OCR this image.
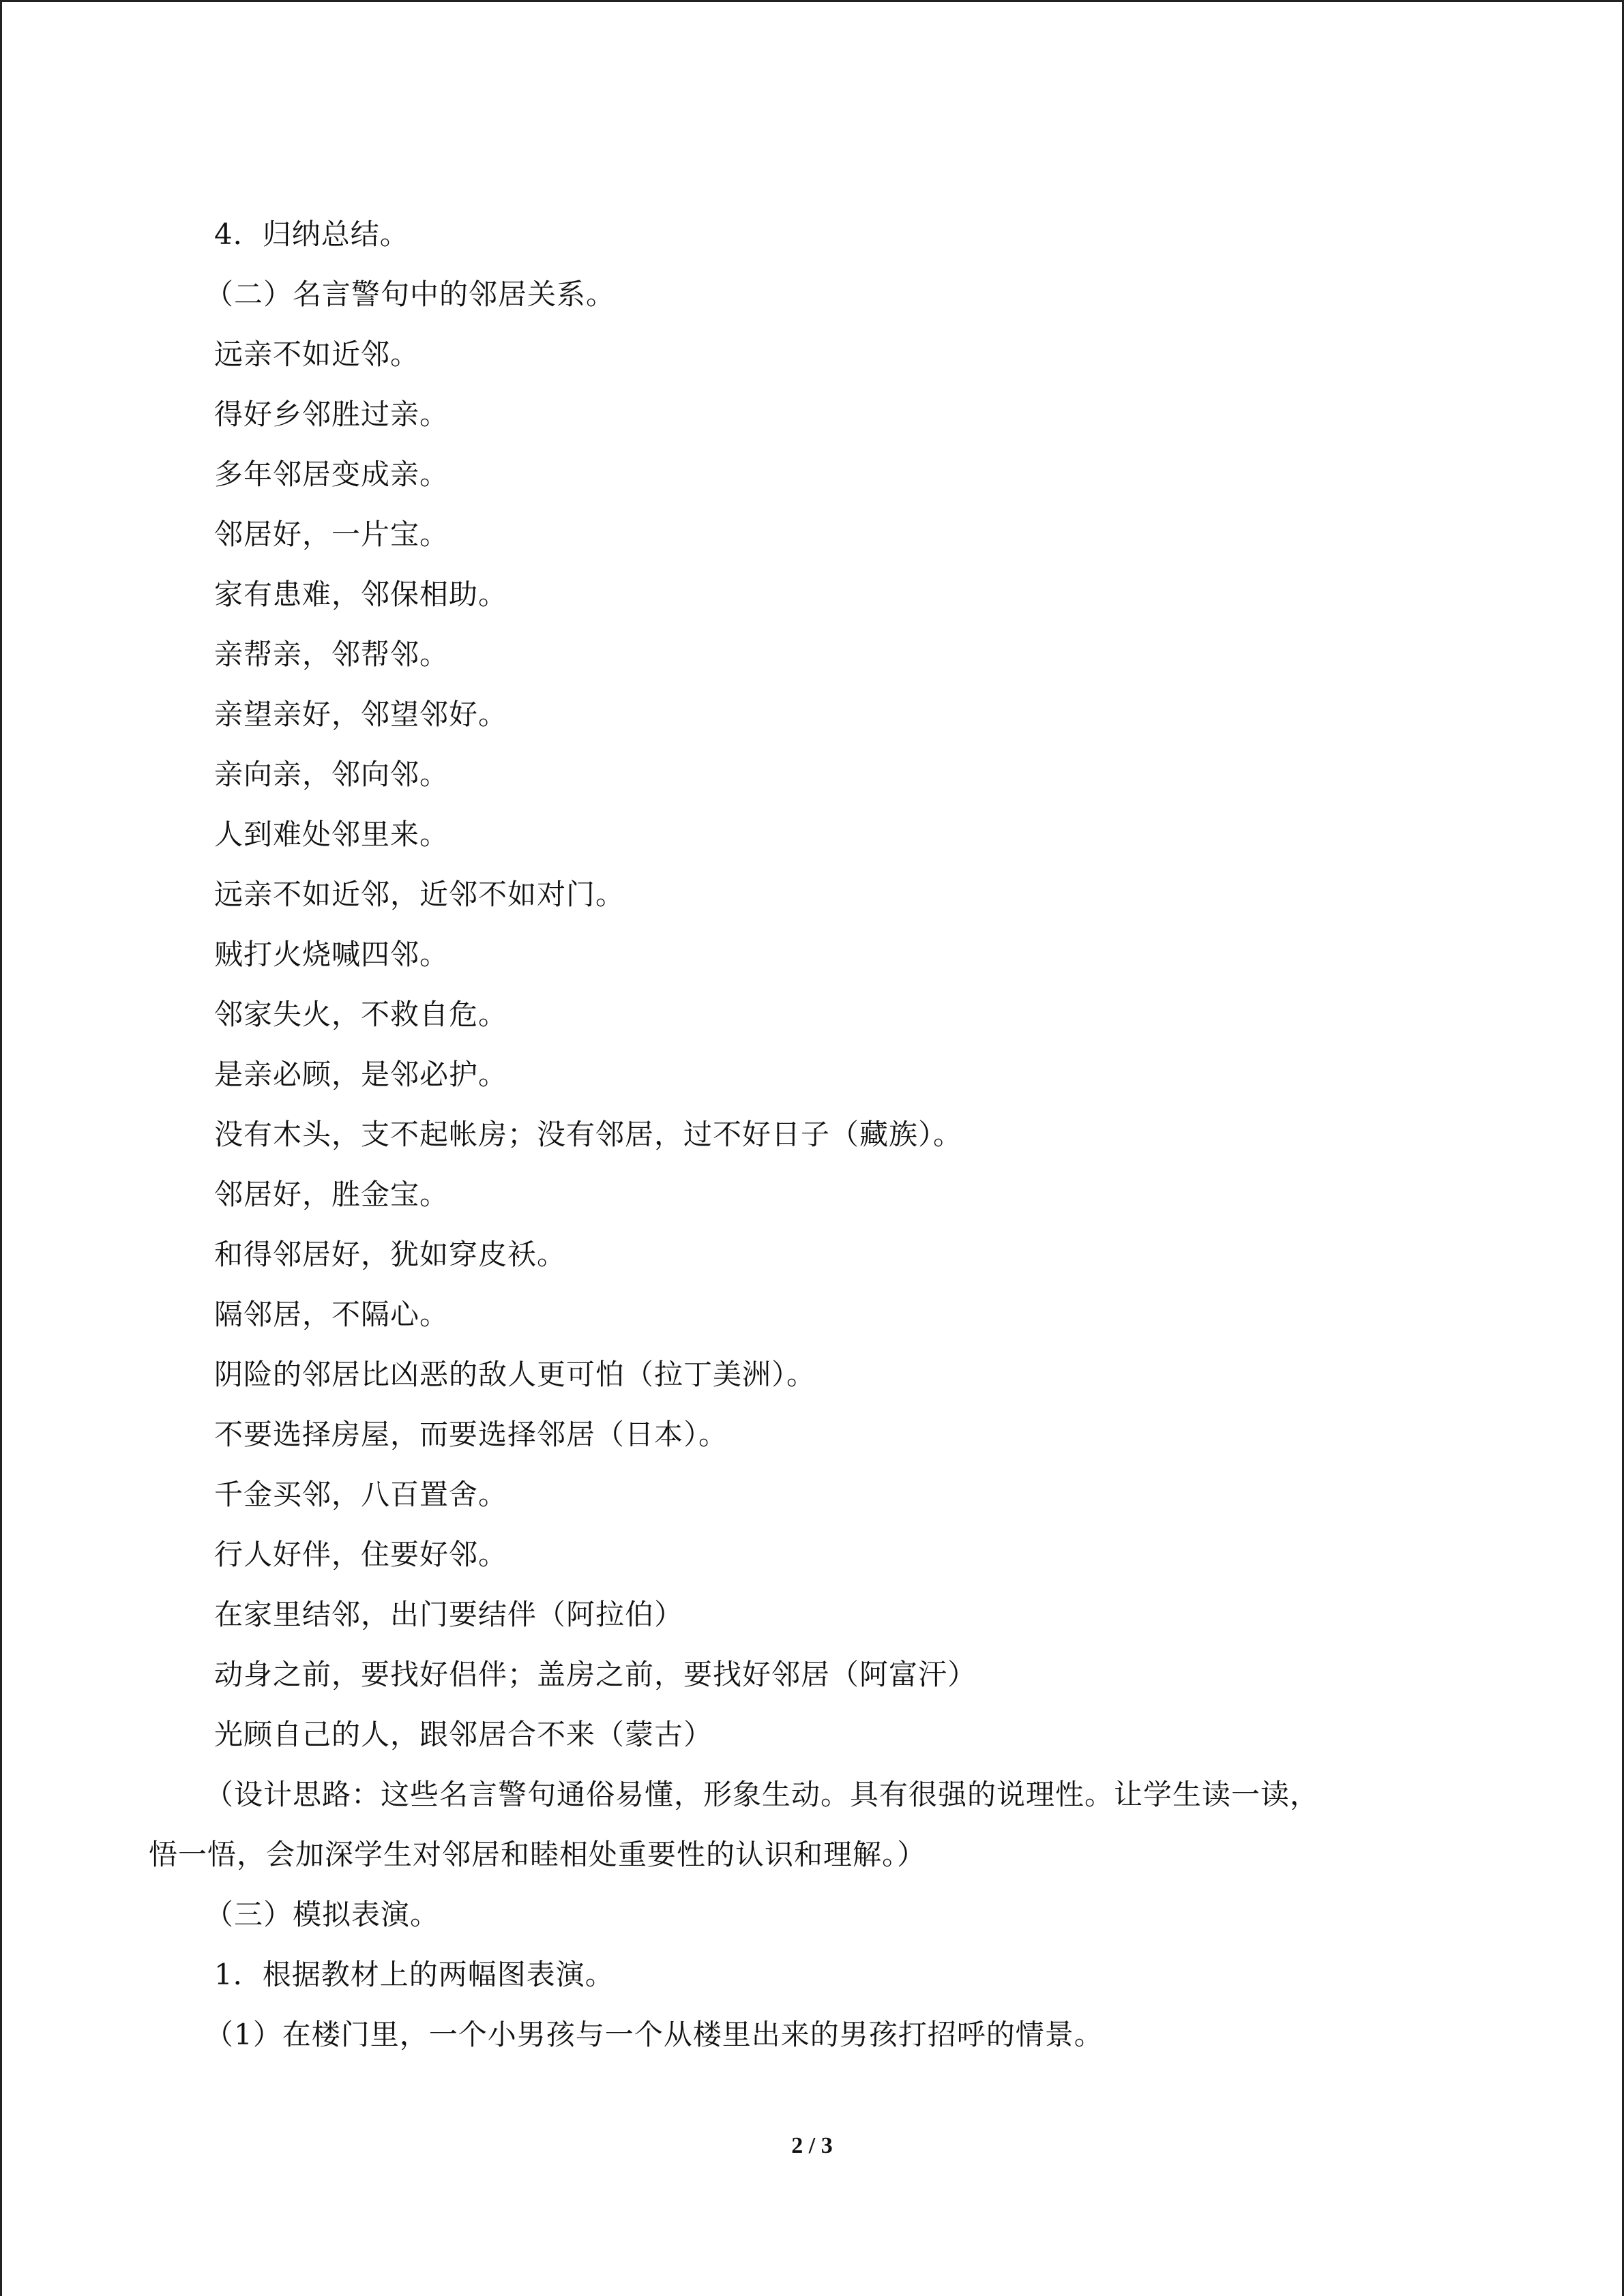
4．归纳总结。
（二）名言警句中的邻居关系。
远亲不如近邻。
得好乡邻胜过亲。
多年邻居变成亲。
邻居好，一片宝。
家有患难，邻保相助。
亲帮亲，邻帮邻。
亲望亲好，邻望邻好。
亲向亲，邻向邻。
人到难处邻里来。
远亲不如近邻，近邻不如对门。
贼打火烧喊四邻。
邻家失火，不救自危。
是亲必顾，是邻必护。
没有木头，支不起帐房；没有邻居，过不好日子（藏族）。
邻居好，胜金宝。
和得邻居好，犹如穿皮袄。
隔邻居，不隔心。
阴险的邻居比凶恶的敌人更可怕（拉丁美洲）。
不要选择房屋，而要选择邻居（日本）。
千金买邻，八百置舍。
行人好伴，住要好邻。
在家里结邻，出门要结伴（阿拉伯）
动身之前，要找好侣伴；盖房之前，要找好邻居（阿富汗）
光顾自己的人，跟邻居合不来（蒙古）
（设计思路：这些名言警句通俗易懂，形象生动。具有很强的说理性。让学生读一读，
悟一悟，会加深学生对邻居和睦相处重要性的认识和理解。）
（三）模拟表演。
1．根据教材上的两幅图表演。
（1）在楼门里，一个小男孩与一个从楼里出来的男孩打招呼的情景。
2 / 3
